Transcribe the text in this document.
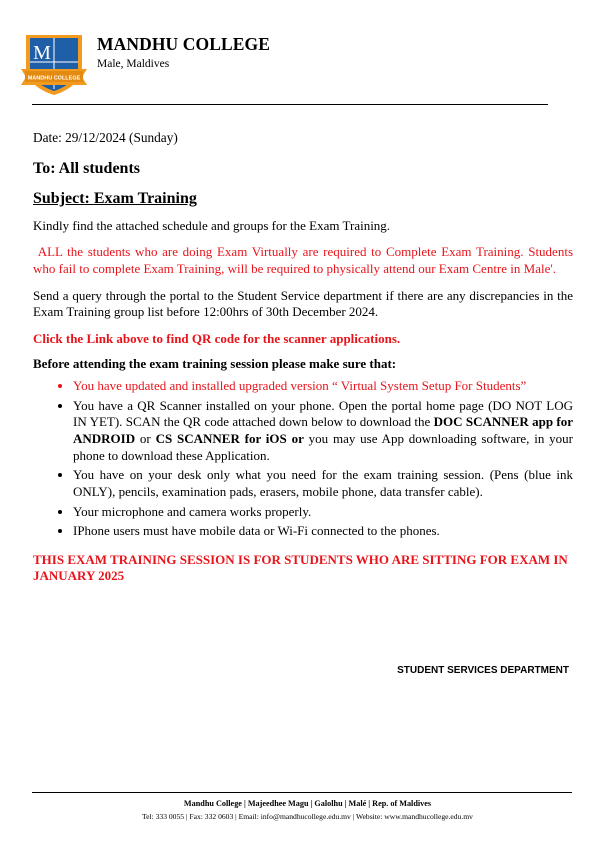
M
MANDHU COLLEGE
MANDHU COLLEGE
Male, Maldives
Date: 29/12/2024 (Sunday)
To: All students
Subject: Exam Training

Kindly find the attached schedule and groups for the Exam Training.

ALL the students who are doing Exam Virtually are required to Complete Exam Training. Students who fail to complete Exam Training, will be required to physically attend our Exam Centre in Male'.

Send a query through the portal to the Student Service department if there are any discrepancies in the Exam Training group list before 12:00hrs of 30th December 2024.

Click the Link above to find QR code for the scanner applications.

Before attending the exam training session please make sure that:

• You have updated and installed upgraded version “ Virtual System Setup For Students”
• You have a QR Scanner installed on your phone. Open the portal home page (DO NOT LOG IN YET). SCAN the QR code attached down below to download the DOC SCANNER app for ANDROID or CS SCANNER for iOS or you may use App downloading software, in your phone to download these Application.
• You have on your desk only what you need for the exam training session. (Pens (blue ink ONLY), pencils, examination pads, erasers, mobile phone, data transfer cable).
• Your microphone and camera works properly.
• IPhone users must have mobile data or Wi-Fi connected to the phones.

THIS EXAM TRAINING SESSION IS FOR STUDENTS WHO ARE SITTING FOR EXAM IN JANUARY 2025

STUDENT SERVICES DEPARTMENT
Mandhu College | Majeedhee Magu | Galolhu | Malé | Rep. of Maldives
Tel: 333 0055 | Fax: 332 0603 | Email: info@mandhucollege.edu.mv | Website: www.mandhucollege.edu.mv
